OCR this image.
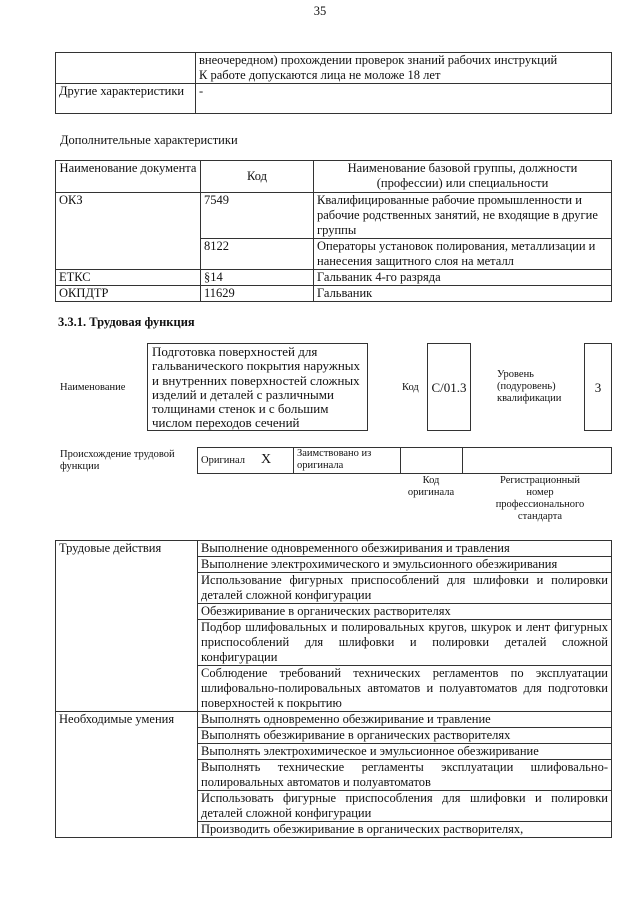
35

	внеочередном) прохождении проверок знаний рабочих инструкций
К работе допускаются лица не моложе 18 лет

Другие характеристики	-
Дополнительные характеристики
Наименование документа	Код	Наименование базовой группы, должности (профессии) или специальности
ОКЗ	7549	Квалифицированные рабочие промышленности и рабочие родственных занятий, не входящие в другие группы
	8122	Операторы установок полирования, металлизации и нанесения защитного слоя на металл
ЕТКС	§14	Гальваник 4-го разряда
ОКПДТР	11629	Гальваник
3.3.1. Трудовая функция
Наименование
Подготовка поверхностей для гальванического покрытия наружных и внутренних поверхностей сложных изделий и деталей с различными толщинами стенок и с большим числом переходов сечений
Код C/01.3
Уровень (подуровень) квалификации
3
Происхождение трудовой функции
Оригинал X	Заимствовано из оригинала		
Код оригинала
Регистрационный номер профессионального стандарта
Трудовые действия	Выполнение одновременного обезжиривания и травления
	Выполнение электрохимического и эмульсионного обезжиривания
	Использование фигурных приспособлений для шлифовки и полировки деталей сложной конфигурации
	Обезжиривание в органических растворителях
	Подбор шлифовальных и полировальных кругов, шкурок и лент фигурных приспособлений для шлифовки и полировки деталей сложной конфигурации
	Соблюдение требований технических регламентов по эксплуатации шлифовально-полировальных автоматов и полуавтоматов для подготовки поверхностей к покрытию
Необходимые умения	Выполнять одновременно обезжиривание и травление
	Выполнять обезжиривание в органических растворителях
	Выполнять электрохимическое и эмульсионное обезжиривание
	Выполнять технические регламенты эксплуатации шлифовально-полировальных автоматов и полуавтоматов
	Использовать фигурные приспособления для шлифовки и полировки деталей сложной конфигурации
	Производить обезжиривание в органических растворителях,
